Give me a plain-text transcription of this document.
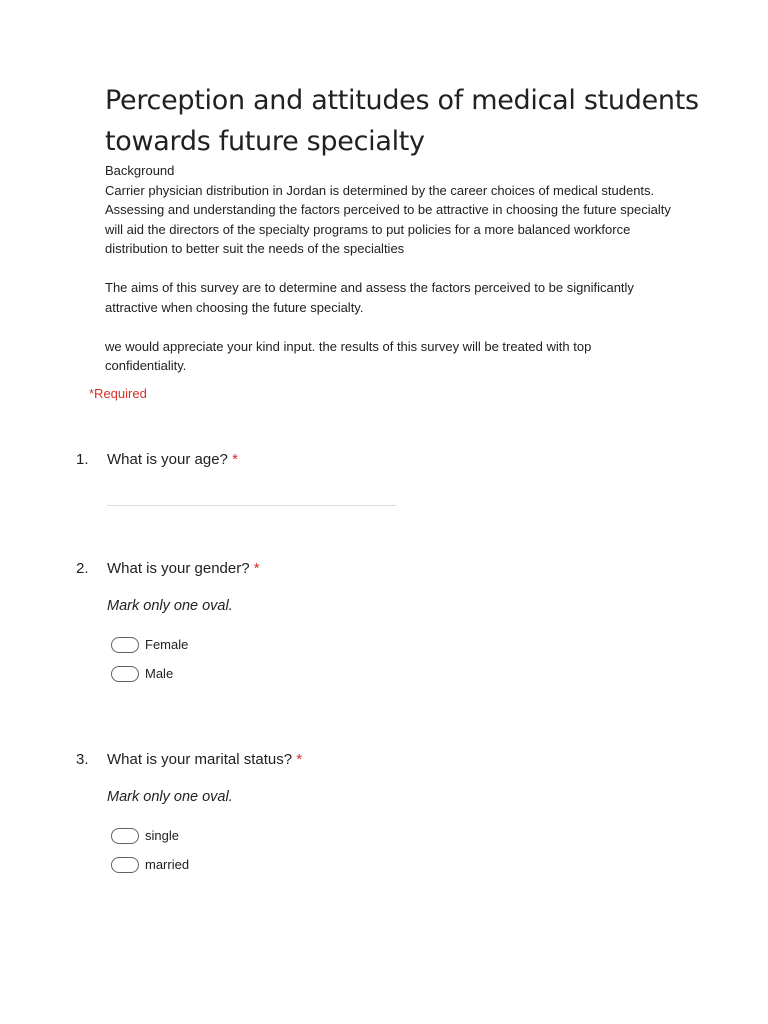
Perception and attitudes of medical students towards future specialty

Background

Carrier physician distribution in Jordan is determined by the career choices of medical students. Assessing and understanding the factors perceived to be attractive in choosing the future specialty will aid the directors of the specialty programs to put policies for a more balanced workforce distribution to better suit the needs of the specialties

The aims of this survey are to determine and assess the factors perceived to be significantly attractive when choosing the future specialty.

we would appreciate your kind input. the results of this survey will be treated with top confidentiality.

*Required
1. What is your age? *
2. What is your gender? *
Mark only one oval.
Female
Male
3. What is your marital status? *
Mark only one oval.
single
married
